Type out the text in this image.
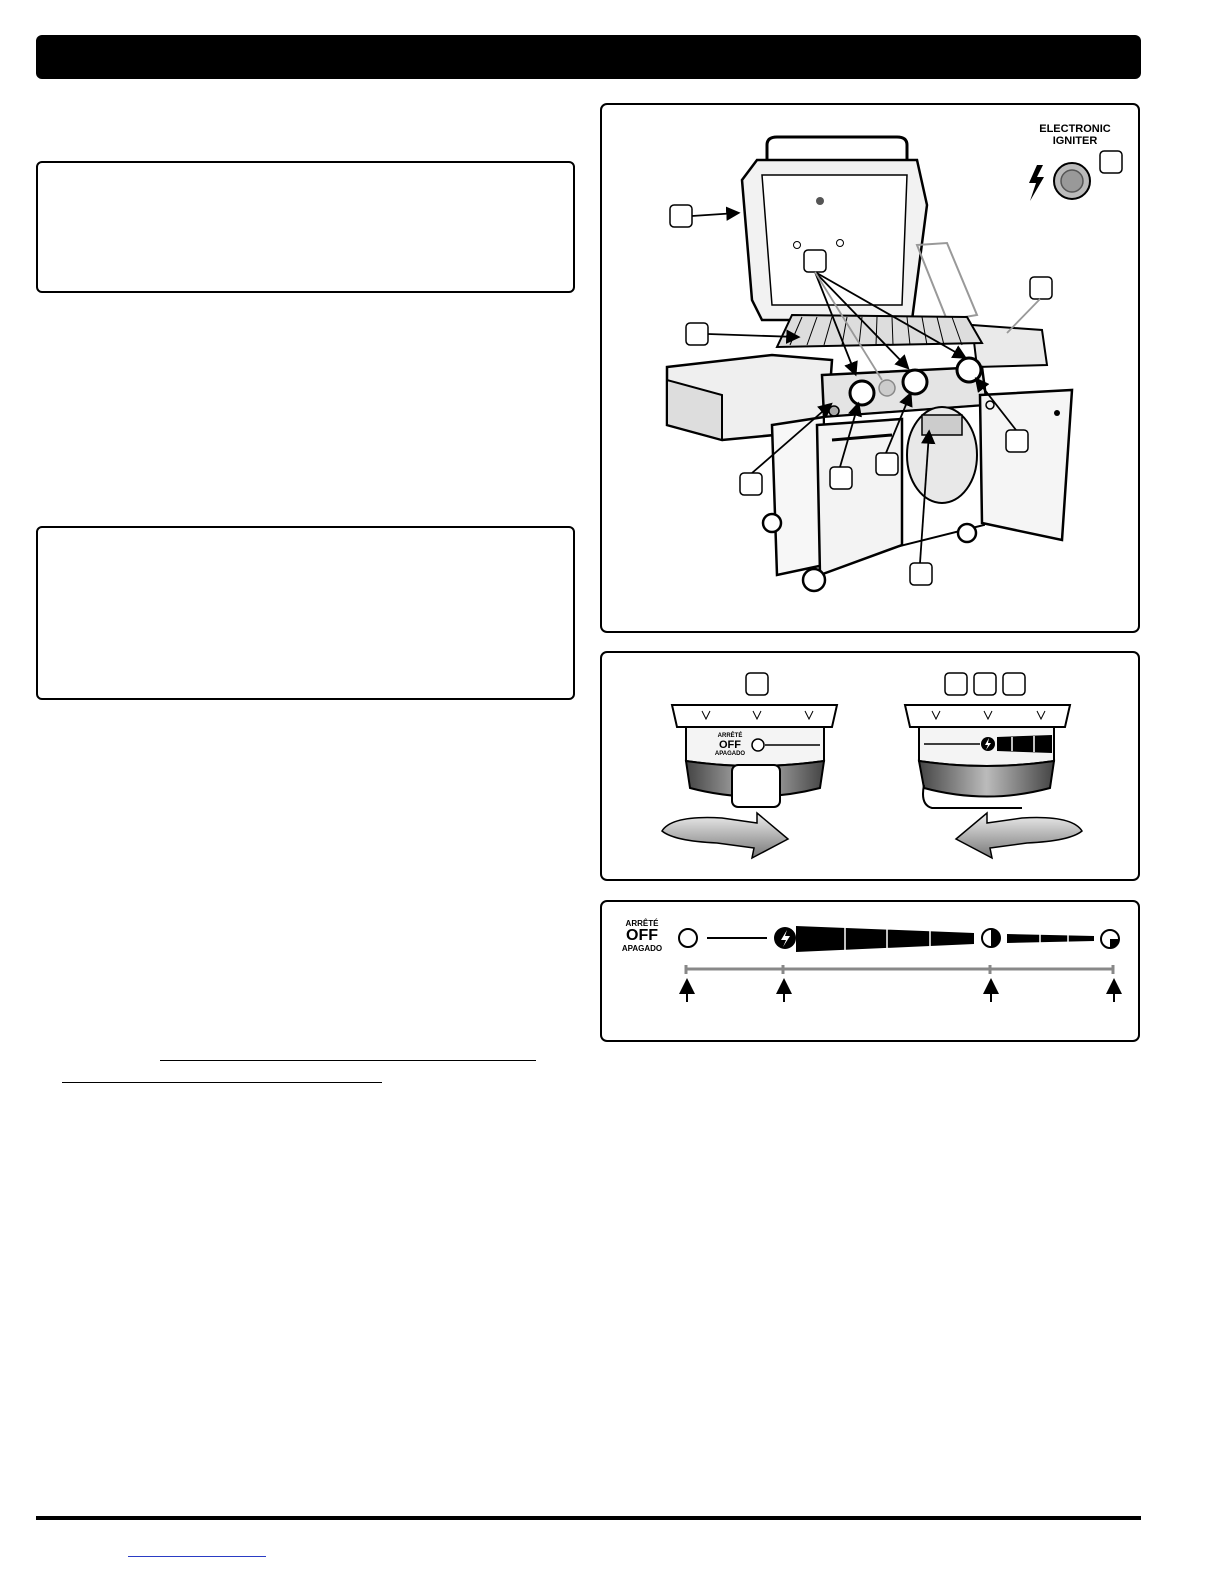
ELECTRONIC
IGNITER
ARRÊTÉ
OFF
APAGADO
ARRÊTÉ
OFF
APAGADO
